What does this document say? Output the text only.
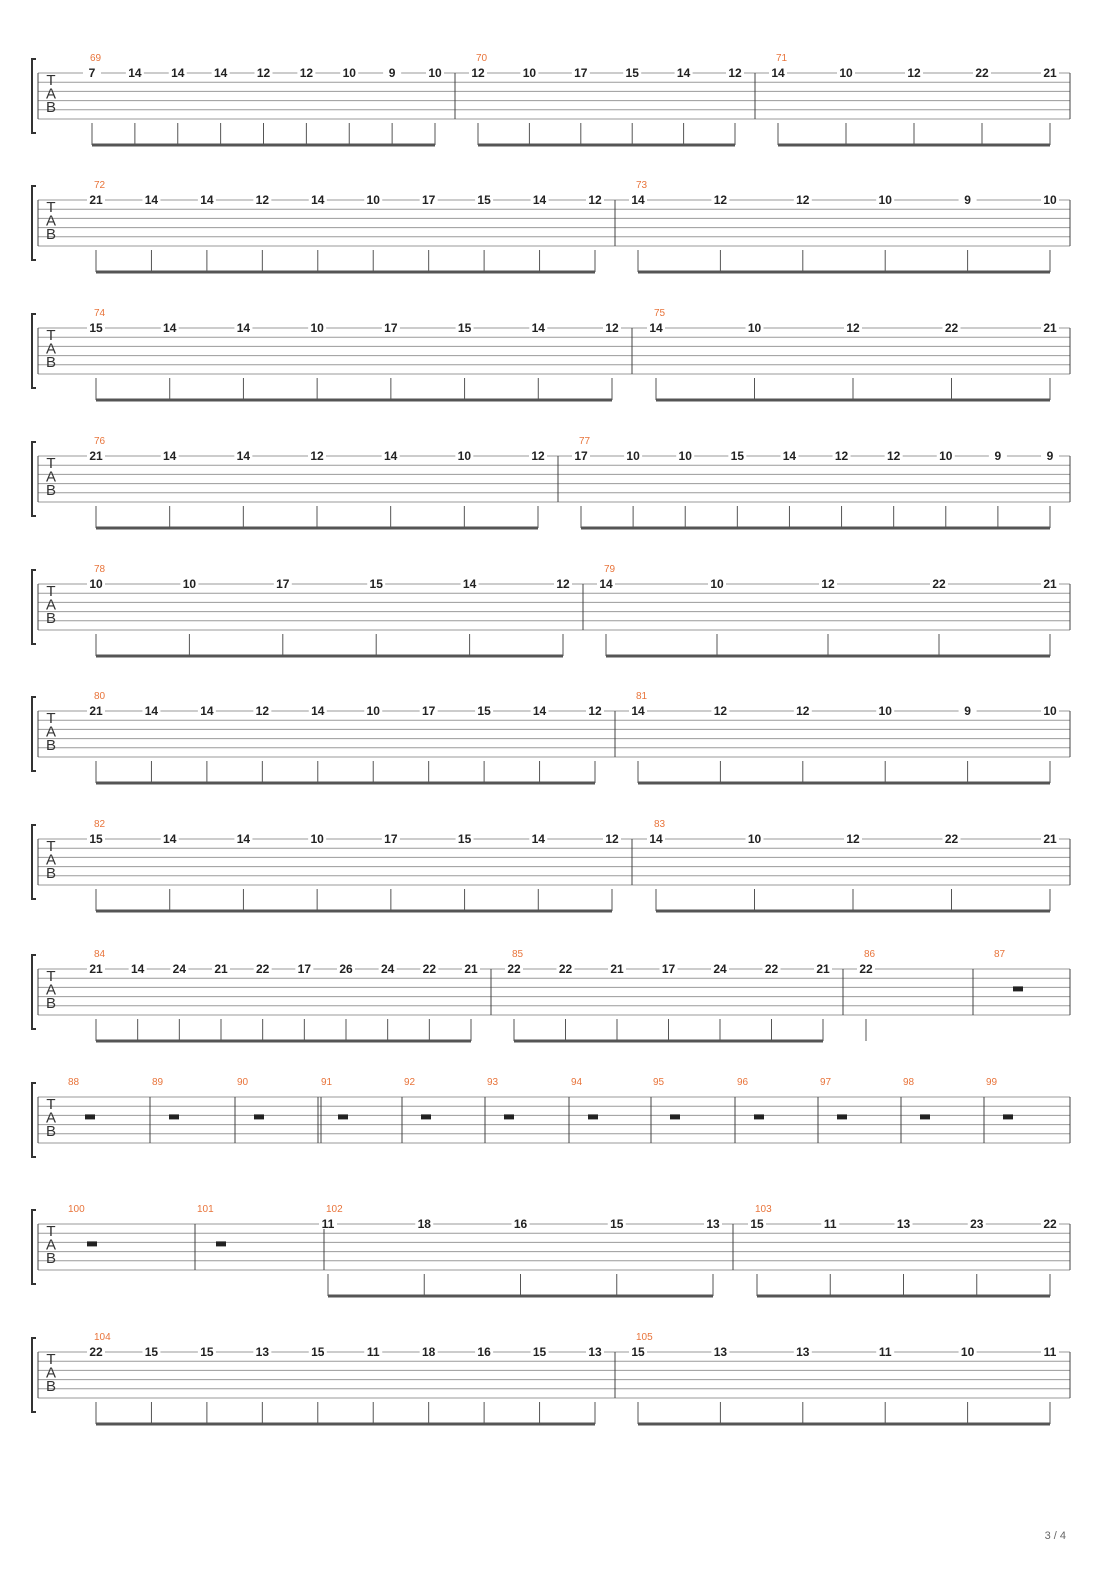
T
A
B
69
7	14 14 14 12 12 10	9	10
70
12	10	17	15	14	12
71
14	10	12	22	21
T
A
B
72
21	14	14	12	14	10	17	15	14	12
73
14	12	12	10	9	10
T
A
B
74
15	14	14	10	17	15	14	12
75
14	10	12	22	21
T
A
B
76
21	14	14	12	14	10	12
77
17	10	10	15	14	12	12	10	9	9
T
A
B
78
10	10	17	15	14	12
79
14	10	12	22	21
T
A
B
80
21	14	14	12	14	10	17	15	14	12
81
14	12	12	10	9	10
T
A
B
82
15	14	14	10	17	15	14	12
83
14	10	12	22	21
T
A
B
84
21 14 24 21 22 17 26 24 22 21
85
22	22	21	17	24	22	21
86
22
87
T
A
B
88	89	90	91	92	93	94	95	96	97	98	99
T
A
B
100	101	102
11	18	16	15	13
103
15	11	13	23	22
T
A
B
104
22	15	15	13	15	11	18	16	15	13
105
15	13	13	11	10	11
3 / 4
